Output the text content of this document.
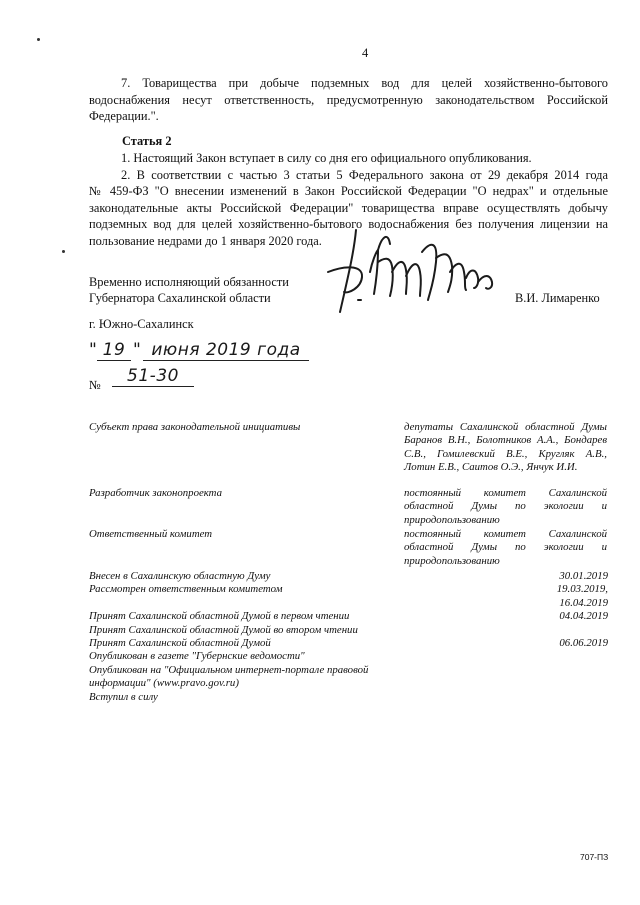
4
7. Товарищества при добыче подземных вод для целей хозяйственно-бытового
водоснабжения несут ответственность, предусмотренную законодательством Российской
Федерации.".
Статья 2
1. Настоящий Закон вступает в силу со дня его официального опубликования.
2. В соответствии с частью 3 статьи 5 Федерального закона от 29 декабря 2014 года
№ 459-ФЗ "О внесении изменений в Закон Российской Федерации "О недрах" и отдельные
законодательные акты Российской Федерации" товарищества вправе осуществлять добычу
подземных вод для целей хозяйственно-бытового водоснабжения без получения лицензии на
пользование недрами до 1 января 2020 года.
Временно исполняющий обязанности
Губернатора Сахалинской области	В.И. Лимаренко
г. Южно-Сахалинск
" 19 " июня 2019 года
№	51-30
Субъект права законодательной инициативы	депутаты Сахалинской областной Думы Баранов В.Н., Болотников А.А., Бондарев С.В., Гомилевский В.Е., Кругляк А.В., Лотин Е.В., Саитов О.Э., Янчук И.И.
Разработчик законопроекта	постоянный комитет Сахалинской областной Думы по экологии и природопользованию
Ответственный комитет	постоянный комитет Сахалинской областной Думы по экологии и природопользованию
Внесен в Сахалинскую областную Думу	30.01.2019
Рассмотрен ответственным комитетом	19.03.2019,
16.04.2019
Принят Сахалинской областной Думой в первом чтении	04.04.2019
Принят Сахалинской областной Думой во втором чтении
Принят Сахалинской областной Думой	06.06.2019
Опубликован в газете "Губернские ведомости"
Опубликован на "Официальном интернет-портале правовой
информации" (www.pravo.gov.ru)
Вступил в силу
707-ПЗ
